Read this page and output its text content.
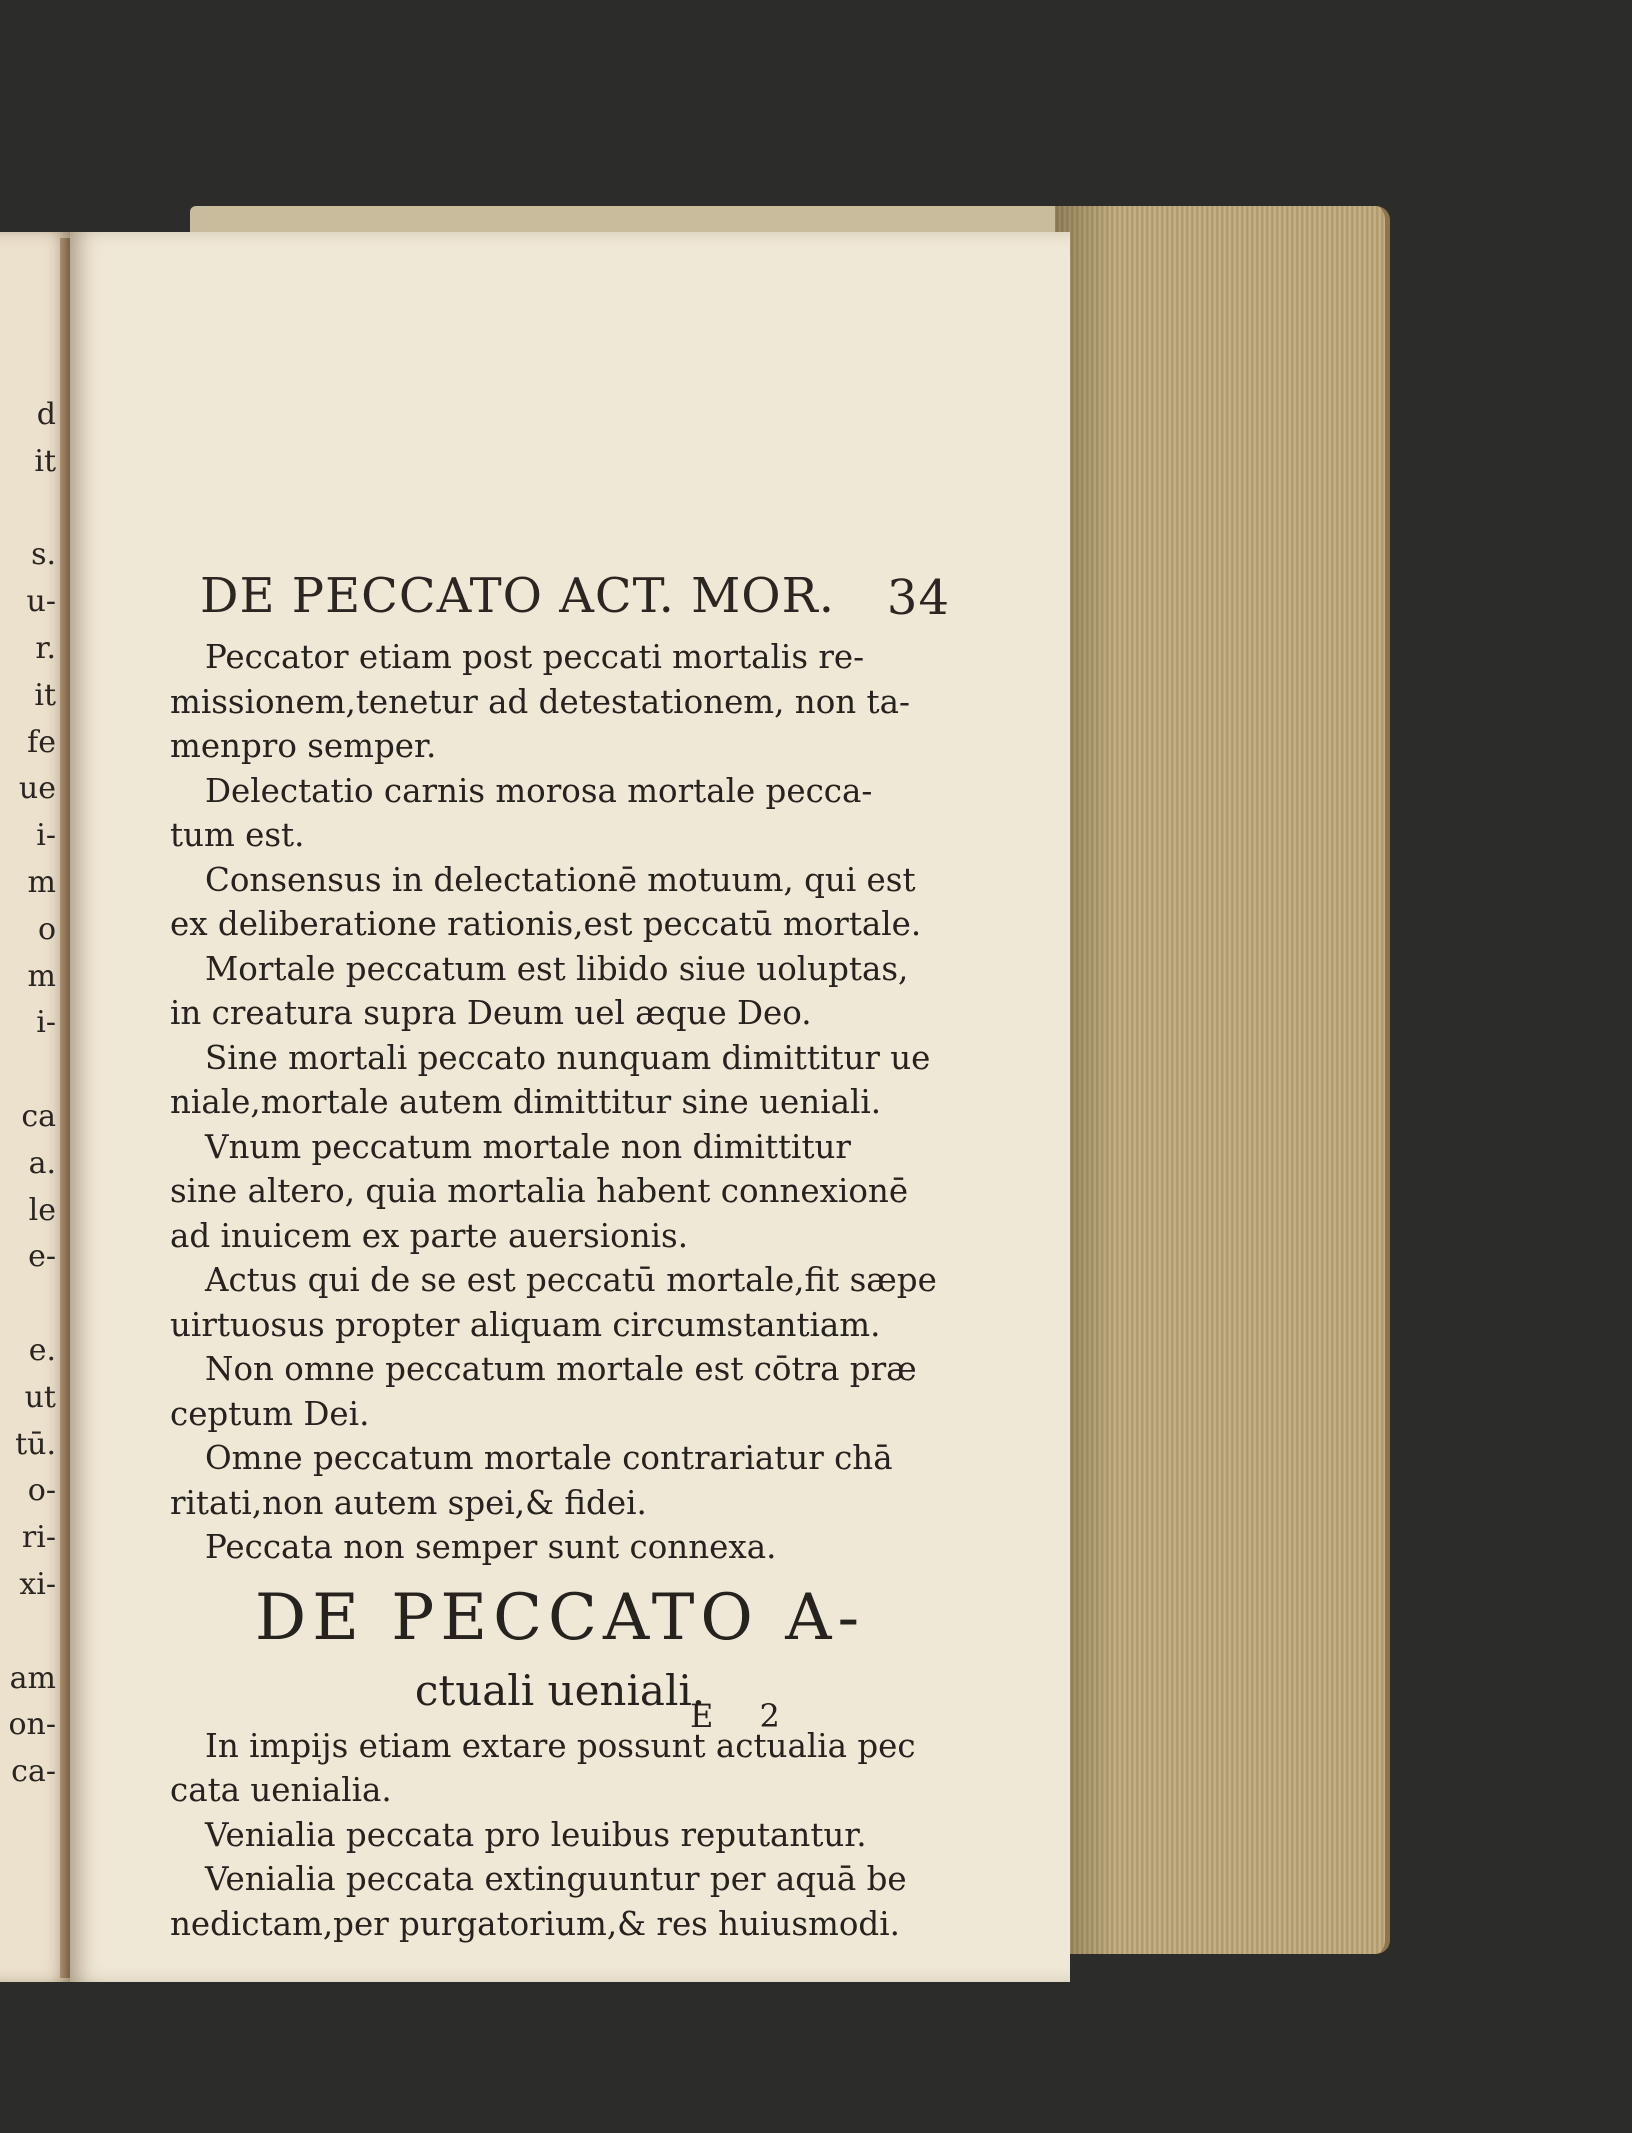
d
it
s.
u-
r.
it
fe
ue
i-
m
o
m
i-
ca
a.
le
e-
e.
ut
tū.
o-
ri-
xi-
am
on-
ca-
DE PECCATO ACT. MOR. 34
Peccator etiam post peccati mortalis re-
missionem,tenetur ad detestationem, non ta-
menpro semper.
Delectatio carnis morosa mortale pecca-
tum est.
Consensus in delectationē motuum, qui est
ex deliberatione rationis,est peccatū mortale.
Mortale peccatum est libido siue uoluptas,
in creatura supra Deum uel æque Deo.
Sine mortali peccato nunquam dimittitur ue
niale,mortale autem dimittitur sine ueniali.
Vnum peccatum mortale non dimittitur
sine altero, quia mortalia habent connexionē
ad inuicem ex parte auersionis.
Actus qui de se est peccatū mortale,fit sæpe
uirtuosus propter aliquam circumstantiam.
Non omne peccatum mortale est cōtra præ
ceptum Dei.
Omne peccatum mortale contrariatur chā
ritati,non autem spei,& fidei.
Peccata non semper sunt connexa.
DE PECCATO A-
ctuali ueniali.
In impijs etiam extare possunt actualia pec
cata uenialia.
Venialia peccata pro leuibus reputantur.
Venialia peccata extinguuntur per aquā be
nedictam,per purgatorium,& res huiusmodi.
E 2
